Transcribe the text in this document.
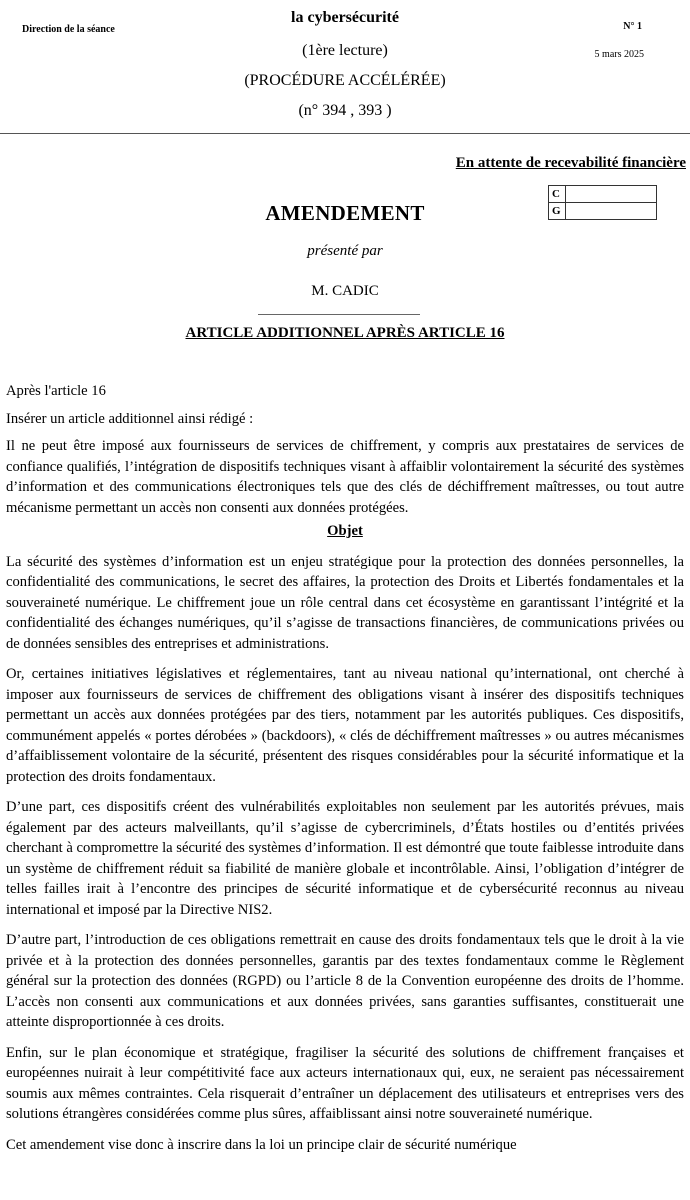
Direction de la séance	N° 1
5 mars 2025
la cybersécurité
(1ère lecture)
(PROCÉDURE ACCÉLÉRÉE)
(n° 394 , 393 )
En attente de recevabilité financière
C	
G	
AMENDEMENT
présenté par
M. CADIC
ARTICLE ADDITIONNEL APRÈS ARTICLE 16

Après l'article 16

Insérer un article additionnel ainsi rédigé :

Il ne peut être imposé aux fournisseurs de services de chiffrement, y compris aux prestataires de services de confiance qualifiés, l’intégration de dispositifs techniques visant à affaiblir volontairement la sécurité des systèmes d’information et des communications électroniques tels que des clés de déchiffrement maîtresses, ou tout autre mécanisme permettant un accès non consenti aux données protégées.

Objet

La sécurité des systèmes d’information est un enjeu stratégique pour la protection des données personnelles, la confidentialité des communications, le secret des affaires, la protection des Droits et Libertés fondamentales et la souveraineté numérique. Le chiffrement joue un rôle central dans cet écosystème en garantissant l’intégrité et la confidentialité des échanges numériques, qu’il s’agisse de transactions financières, de communications privées ou de données sensibles des entreprises et administrations.

Or, certaines initiatives législatives et réglementaires, tant au niveau national qu’international, ont cherché à imposer aux fournisseurs de services de chiffrement des obligations visant à insérer des dispositifs techniques permettant un accès aux données protégées par des tiers, notamment par les autorités publiques. Ces dispositifs, communément appelés « portes dérobées » (backdoors), « clés de déchiffrement maîtresses » ou autres mécanismes d’affaiblissement volontaire de la sécurité, présentent des risques considérables pour la sécurité informatique et la protection des droits fondamentaux.

D’une part, ces dispositifs créent des vulnérabilités exploitables non seulement par les autorités prévues, mais également par des acteurs malveillants, qu’il s’agisse de cybercriminels, d’États hostiles ou d’entités privées cherchant à compromettre la sécurité des systèmes d’information. Il est démontré que toute faiblesse introduite dans un système de chiffrement réduit sa fiabilité de manière globale et incontrôlable. Ainsi, l’obligation d’intégrer de telles failles irait à l’encontre des principes de sécurité informatique et de cybersécurité reconnus au niveau international et imposé par la Directive NIS2.

D’autre part, l’introduction de ces obligations remettrait en cause des droits fondamentaux tels que le droit à la vie privée et à la protection des données personnelles, garantis par des textes fondamentaux comme le Règlement général sur la protection des données (RGPD) ou l’article 8 de la Convention européenne des droits de l’homme. L’accès non consenti aux communications et aux données privées, sans garanties suffisantes, constituerait une atteinte disproportionnée à ces droits.

Enfin, sur le plan économique et stratégique, fragiliser la sécurité des solutions de chiffrement françaises et européennes nuirait à leur compétitivité face aux acteurs internationaux qui, eux, ne seraient pas nécessairement soumis aux mêmes contraintes. Cela risquerait d’entraîner un déplacement des utilisateurs et entreprises vers des solutions étrangères considérées comme plus sûres, affaiblissant ainsi notre souveraineté numérique.

Cet amendement vise donc à inscrire dans la loi un principe clair de sécurité numérique
